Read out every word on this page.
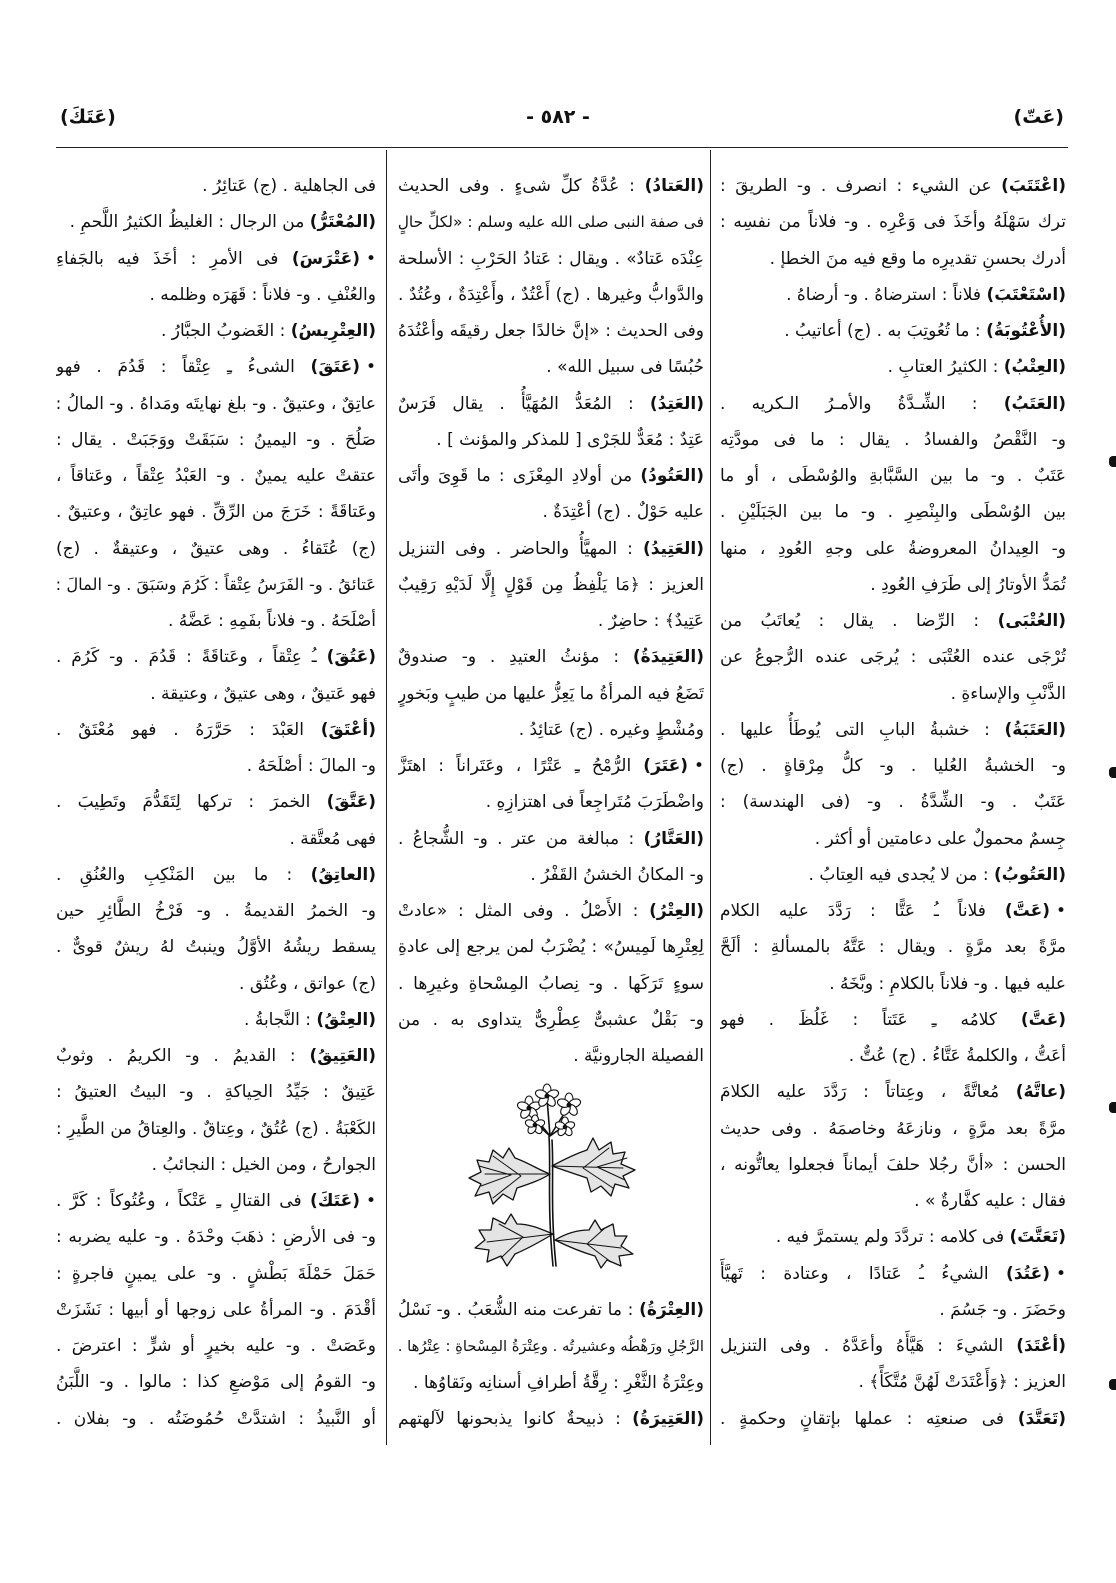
(عَتّ)
- ٥٨٢ -
(عَتَكَ)
(اعْتَتَبَ) عن الشيء : انصرف . و- الطريقَ :
ترك سَهْلَهُ وأخَذَ فى وَعْرِه . و- فلاناً من نفسِه :
أدرك بحسنِ تقديرِه ما وقع فيه منَ الخطإ .
(اسْتَعْتَبَ) فلاناً : استرضاهُ . و- أرضاهُ .
(الأُعْتُوبَةُ) : ما تُعُوتِبَ به . (ج) أعاتيبُ .
(العِتْبُ) : الكثيرُ العتابِ .
(العَتَبُ) : الشِّـدَّةُ والأمـرُ الـكريه .
و- النَّقْصُ والفسادُ . يقال : ما فى مودَّتِه
عَتَبٌ . و- ما بين السَّبَّابةِ والوُسْطَى ، أو ما
بين الوُسْطَى والبِنْصِرِ . و- ما بين الجَبَلَيْنِ .
و- العِيدانُ المعروضةُ على وجهِ العُودِ ، منها
تُمَدُّ الأوتارُ إلى طَرَفِ العُودِ .
(العُتْبَى) : الرِّضا . يقال : يُعاتَبُ من
تُرْجَى عنده العُتْبَى : يُرجَى عنده الرُّجوعُ عن
الذَّنْبِ والإساءةِ .
(العَتَبَةُ) : خشبةُ البابِ التى يُوطَأُ عليها .
و- الخشبةُ العُليا . و- كلُّ مِرْقاةٍ . (ج)
عَتَبٌ . و- الشِّدَّةُ . و- (فى الهندسة) :
جِسمٌ محمولٌ على دعامتين أو أكثر .
(العَتُوبُ) : من لا يُجدى فيه العِتابُ .
•(عَتَّ) فلاناً ـُ عَتًّا : رَدَّدَ عليه الكلام
مرَّةً بعد مرَّةٍ . ويقال : عَتَّهُ بالمسألةِ : ألَحَّ
عليه فيها . و- فلاناً بالكلامِ : وبَّخَهُ .
(عَتَّ) كلامُه ـِ عَتَتاً : غَلُظَ . فهو
أعَتُّ ، والكلمةُ عَتَّاءُ . (ج) عُتٌّ .
(عاتَّهُ) مُعاتَّةً ، وعِتاتاً : رَدَّدَ عليه الكلامَ
مرَّةً بعد مرَّةٍ ، ونازعَهُ وخاصمَهُ . وفى حديث
الحسن : «أنَّ رجُلا حلفَ أيماناً فجعلوا يعاتُّونه ،
فقال : عليه كفَّارةٌ » .
(تَعَتَّتَ) فى كلامه : تردَّدَ ولم يستمرَّ فيه .
•(عَتُدَ) الشيءُ ـُ عَتادًا ، وعتادة : تَهيَّأَ
وحَضَرَ . و- جَسُمَ .
(أعْتَدَ) الشيءَ : هَيَّأَهُ وأعَدَّهُ . وفى التنزيل
العزيز : ﴿وَأَعْتَدَتْ لَهُنَّ مُتَّكَأً﴾ .
(تَعَتَّدَ) فى صنعتِه : عملها بإتقانٍ وحكمةٍ .
(العَتادُ) : عُدَّةُ كلِّ شىءٍ . وفى الحديث
فى صفة النبى صلى الله عليه وسلم : «لكلِّ حالٍ
عِنْدَه عَتادٌ» . ويقال : عَتادُ الحَرْبِ : الأسلحة
والدَّوابُّ وغيرها . (ج) أَعْتُدٌ ، وأَعْتِدَةٌ ، وعُتُدٌ .
وفى الحديث : «إنَّ خالدًا جعل رقيقَه وأعْتُدَهُ
حُبُسًا فى سبيل الله» .
(العَتِدُ) : المُعَدُّ المُهَيَّأُ . يقال فَرَسٌ
عَتِدٌ : مُعَدٌّ للجَرْى [ للمذكر والمؤنث ] .
(العَتُودُ) من أولادِ المِعْزَى : ما قَوِىَ وأتَى
عليه حَوْلٌ . (ج) أعْتِدَةٌ .
(العَتِيدُ) : المهيَّأُ والحاضر . وفى التنزيل
العزيز : ﴿مَا يَلْفِظُ مِن قَوْلٍ إِلَّا لَدَيْهِ رَقِيبٌ
عَتِيدٌ﴾ : حاضِرٌ .
(العَتِيدَةُ) : مؤنثُ العتيدِ . و- صندوقٌ
تَضَعُ فيه المرأةُ ما يَعِزُّ عليها من طيبٍ وبَخورٍ
ومُشْطٍ وغيره . (ج) عَتائِدُ .
•(عَتَرَ) الرُّمْحُ ـِ عَتْرًا ، وعَتَراناً : اهتَزَّ
واضْطَرَبَ مُتَراجِعاً فى اهتزازِهِ .
(العَتَّارُ) : مبالغة من عتر . و- الشُّجاعُ .
و- المكانُ الخشنُ القَفْرُ .
(العِتْرُ) : الأَصْلُ . وفى المثل : «عادتْ
لِعِتْرِها لَمِيسُ» : يُضْرَبُ لمن يرجع إلى عادةِ
سوءٍ تَرَكَها . و- نِصابُ المِسْحاةِ وغيرِها .
و- بَقْلٌ عشبىٌّ عِطْرِىٌّ يتداوى به . من
الفصيلة الجارونيَّة .
(العِتْرَةُ) : ما تفرعت منه الشُّعَبُ . و- نَسْلُ
الرَّجُلِ ورَهْطُه وعشيرتُه . وعِتْرَةُ المِسْحاةِ : عِتْرُها .
وعِتْرَةُ الثَّغْرِ : رِقَّةُ أطرافِ أسنانِه ونَقاوُها .
(العَتِيرَةُ) : ذبيحةٌ كانوا يذبحونها لآلهتهم
فى الجاهلية . (ج) عَتائِرُ .
(المُعْتَرُّ) من الرجال : الغليظُ الكثيرُ اللَّحمِ .
•(عَتْرَسَ) فى الأمرِ : أخَذَ فيه بالجَفاءِ
والعُنْفِ . و- فلاناً : قَهَرَه وظلمه .
(العِتْرِيسُ) : الغَضوبُ الجبَّارُ .
•(عَتَقَ) الشىءُ ـِ عِتْقاً : قَدُمَ . فهو
عاتِقٌ ، وعتيقٌ . و- بلغ نهايتَه ومَداهُ . و- المالُ :
صَلُحَ . و- اليمينُ : سَبَقَتْ ووَجَبَتْ . يقال :
عتقتْ عليه يمينٌ . و- العَبْدُ عِتْقاً ، وعَتاقاً ،
وعَتاقَةً : خَرَجَ من الرِّقِّ . فهو عاتِقٌ ، وعتيقٌ .
(ج) عُتَقاءُ . وهى عتيقٌ ، وعتيقةٌ . (ج)
عَتائقُ . و- الفَرَسُ عِتْقاً : كَرُمَ وسَبَقَ . و- المالَ :
أصْلَحَهُ . و- فلاناً بفَمِهِ : عَضَّهُ .
(عَتُقَ) ـُ عِتْقاً ، وعَتاقَةً : قَدُمَ . و- كَرُمَ .
فهو عَتيقٌ ، وهى عتيقٌ ، وعتيقة .
(أعْتَقَ) العَبْدَ : حَرَّرَهُ . فهو مُعْتَقٌ .
و- المالَ : أصْلَحَهُ .
(عَتَّقَ) الخمرَ : تركها لِتَقَدُّمَ وتَطِيبَ .
فهى مُعتَّقة .
(العاتِقُ) : ما بين المَنْكِبِ والعُنُقِ .
و- الخمرُ القديمةُ . و- فَرْخُ الطَّائِرِ حين
يسقط ريشُهُ الأوَّلُ وينبتُ لهُ ريشٌ قوىٌّ .
(ج) عواتق ، وعُتُق .
(العِتْقُ) : النَّجابةُ .
(العَتِيقُ) : القديمُ . و- الكريمُ . وثوبٌ
عَتِيقٌ : جَيِّدُ الحِياكةِ . و- البيتُ العتيقُ :
الكَعْبَةُ . (ج) عُتُقٌ ، وعِتاقٌ . والعِتاقُ من الطَّيرِ :
الجوارحُ ، ومن الخيل : النجائبُ .
•(عَتَكَ) فى القتالِ ـِ عَتْكاً ، وعُتُوكاً : كَرَّ .
و- فى الأرضِ : ذهَبَ وحْدَهُ . و- عليه يضربه :
حَمَلَ حَمْلَةَ بَطْشٍ . و- على يمينٍ فاجرةٍ :
أقْدَمَ . و- المرأةُ على زوجها أو أبيها : نَشَزَتْ
وعَصَتْ . و- عليه بخيرٍ أو شرٍّ : اعترضَ .
و- القومُ إلى مَوْضعِ كذا : مالوا . و- اللَّبَنُ
أو النَّبيذُ : اشتدَّتْ حُمُوضَتُه . و- بفلان .
